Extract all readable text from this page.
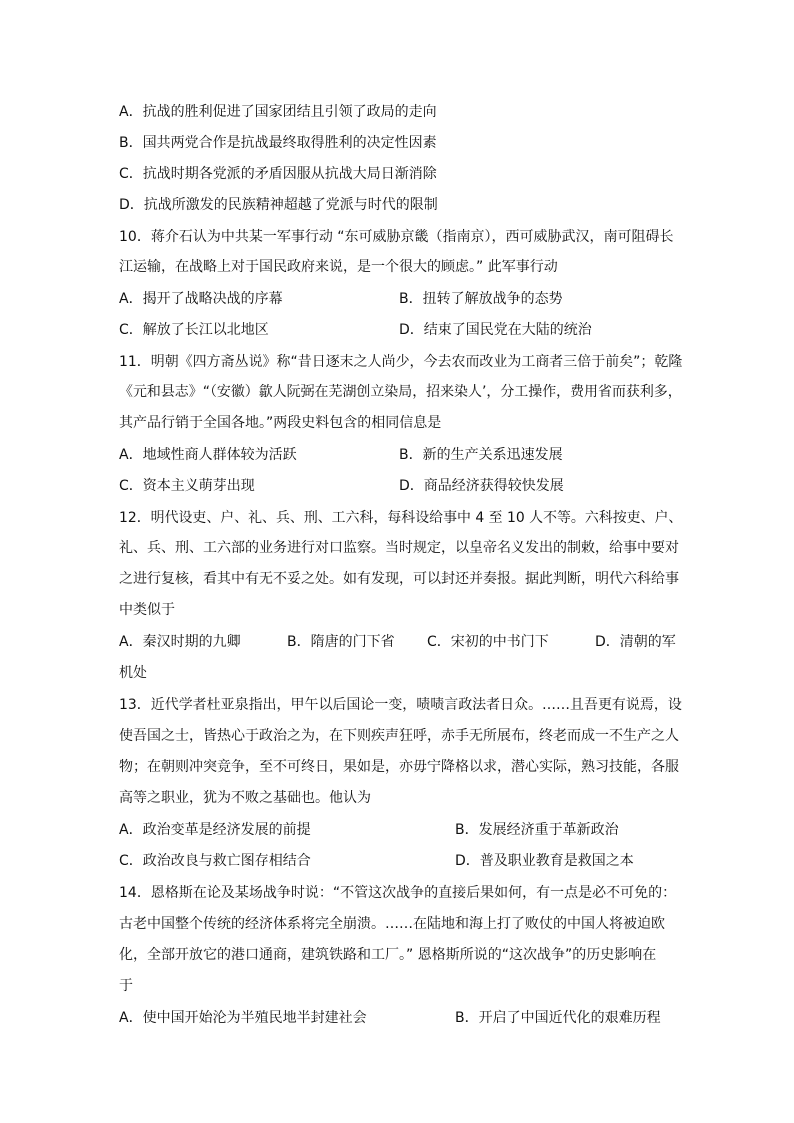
A．抗战的胜利促进了国家团结且引领了政局的走向
B．国共两党合作是抗战最终取得胜利的决定性因素
C．抗战时期各党派的矛盾因服从抗战大局日渐消除
D．抗战所激发的民族精神超越了党派与时代的限制
10．蒋介石认为中共某一军事行动 “东可威胁京畿（指南京），西可威胁武汉，南可阻碍长
江运输，在战略上对于国民政府来说，是一个很大的顾虑。” 此军事行动
A．揭开了战略决战的序幕	B．扭转了解放战争的态势
C．解放了长江以北地区	D．结束了国民党在大陆的统治
11．明朝《四方斋丛说》称“昔日逐末之人尚少，今去农而改业为工商者三倍于前矣”；乾隆
《元和县志》“（安徽）歙人阮弼在芜湖创立染局，招来染人’，分工操作，费用省而获利多，
其产品行销于全国各地。”两段史料包含的相同信息是
A．地域性商人群体较为活跃	B．新的生产关系迅速发展
C．资本主义萌芽出现	D．商品经济获得较快发展
12．明代设吏、户、礼、兵、刑、工六科，每科设给事中 4 至 10 人不等。六科按吏、户、
礼、兵、刑、工六部的业务进行对口监察。当时规定，以皇帝名义发出的制敕，给事中要对
之进行复核，看其中有无不妥之处。如有发现，可以封还并奏报。据此判断，明代六科给事
中类似于
A．秦汉时期的九卿	B．隋唐的门下省 C．宋初的中书门下	D．清朝的军
机处
13．近代学者杜亚泉指出，甲午以后国论一变，啧啧言政法者日众。……且吾更有说焉，设
使吾国之士，皆热心于政治之为，在下则疾声狂呼，赤手无所展布，终老而成一不生产之人
物；在朝则冲突竞争，至不可终日，果如是，亦毋宁降格以求，潜心实际，熟习技能，各服
高等之职业，犹为不败之基础也。他认为
A．政治变革是经济发展的前提	B．发展经济重于革新政治
C．政治改良与救亡图存相结合	D．普及职业教育是救国之本
14．恩格斯在论及某场战争时说：“不管这次战争的直接后果如何，有一点是必不可免的：
古老中国整个传统的经济体系将完全崩溃。……在陆地和海上打了败仗的中国人将被迫欧
化，全部开放它的港口通商，建筑铁路和工厂。” 恩格斯所说的“这次战争”的历史影响在
于
A．使中国开始沦为半殖民地半封建社会	B．开启了中国近代化的艰难历程
